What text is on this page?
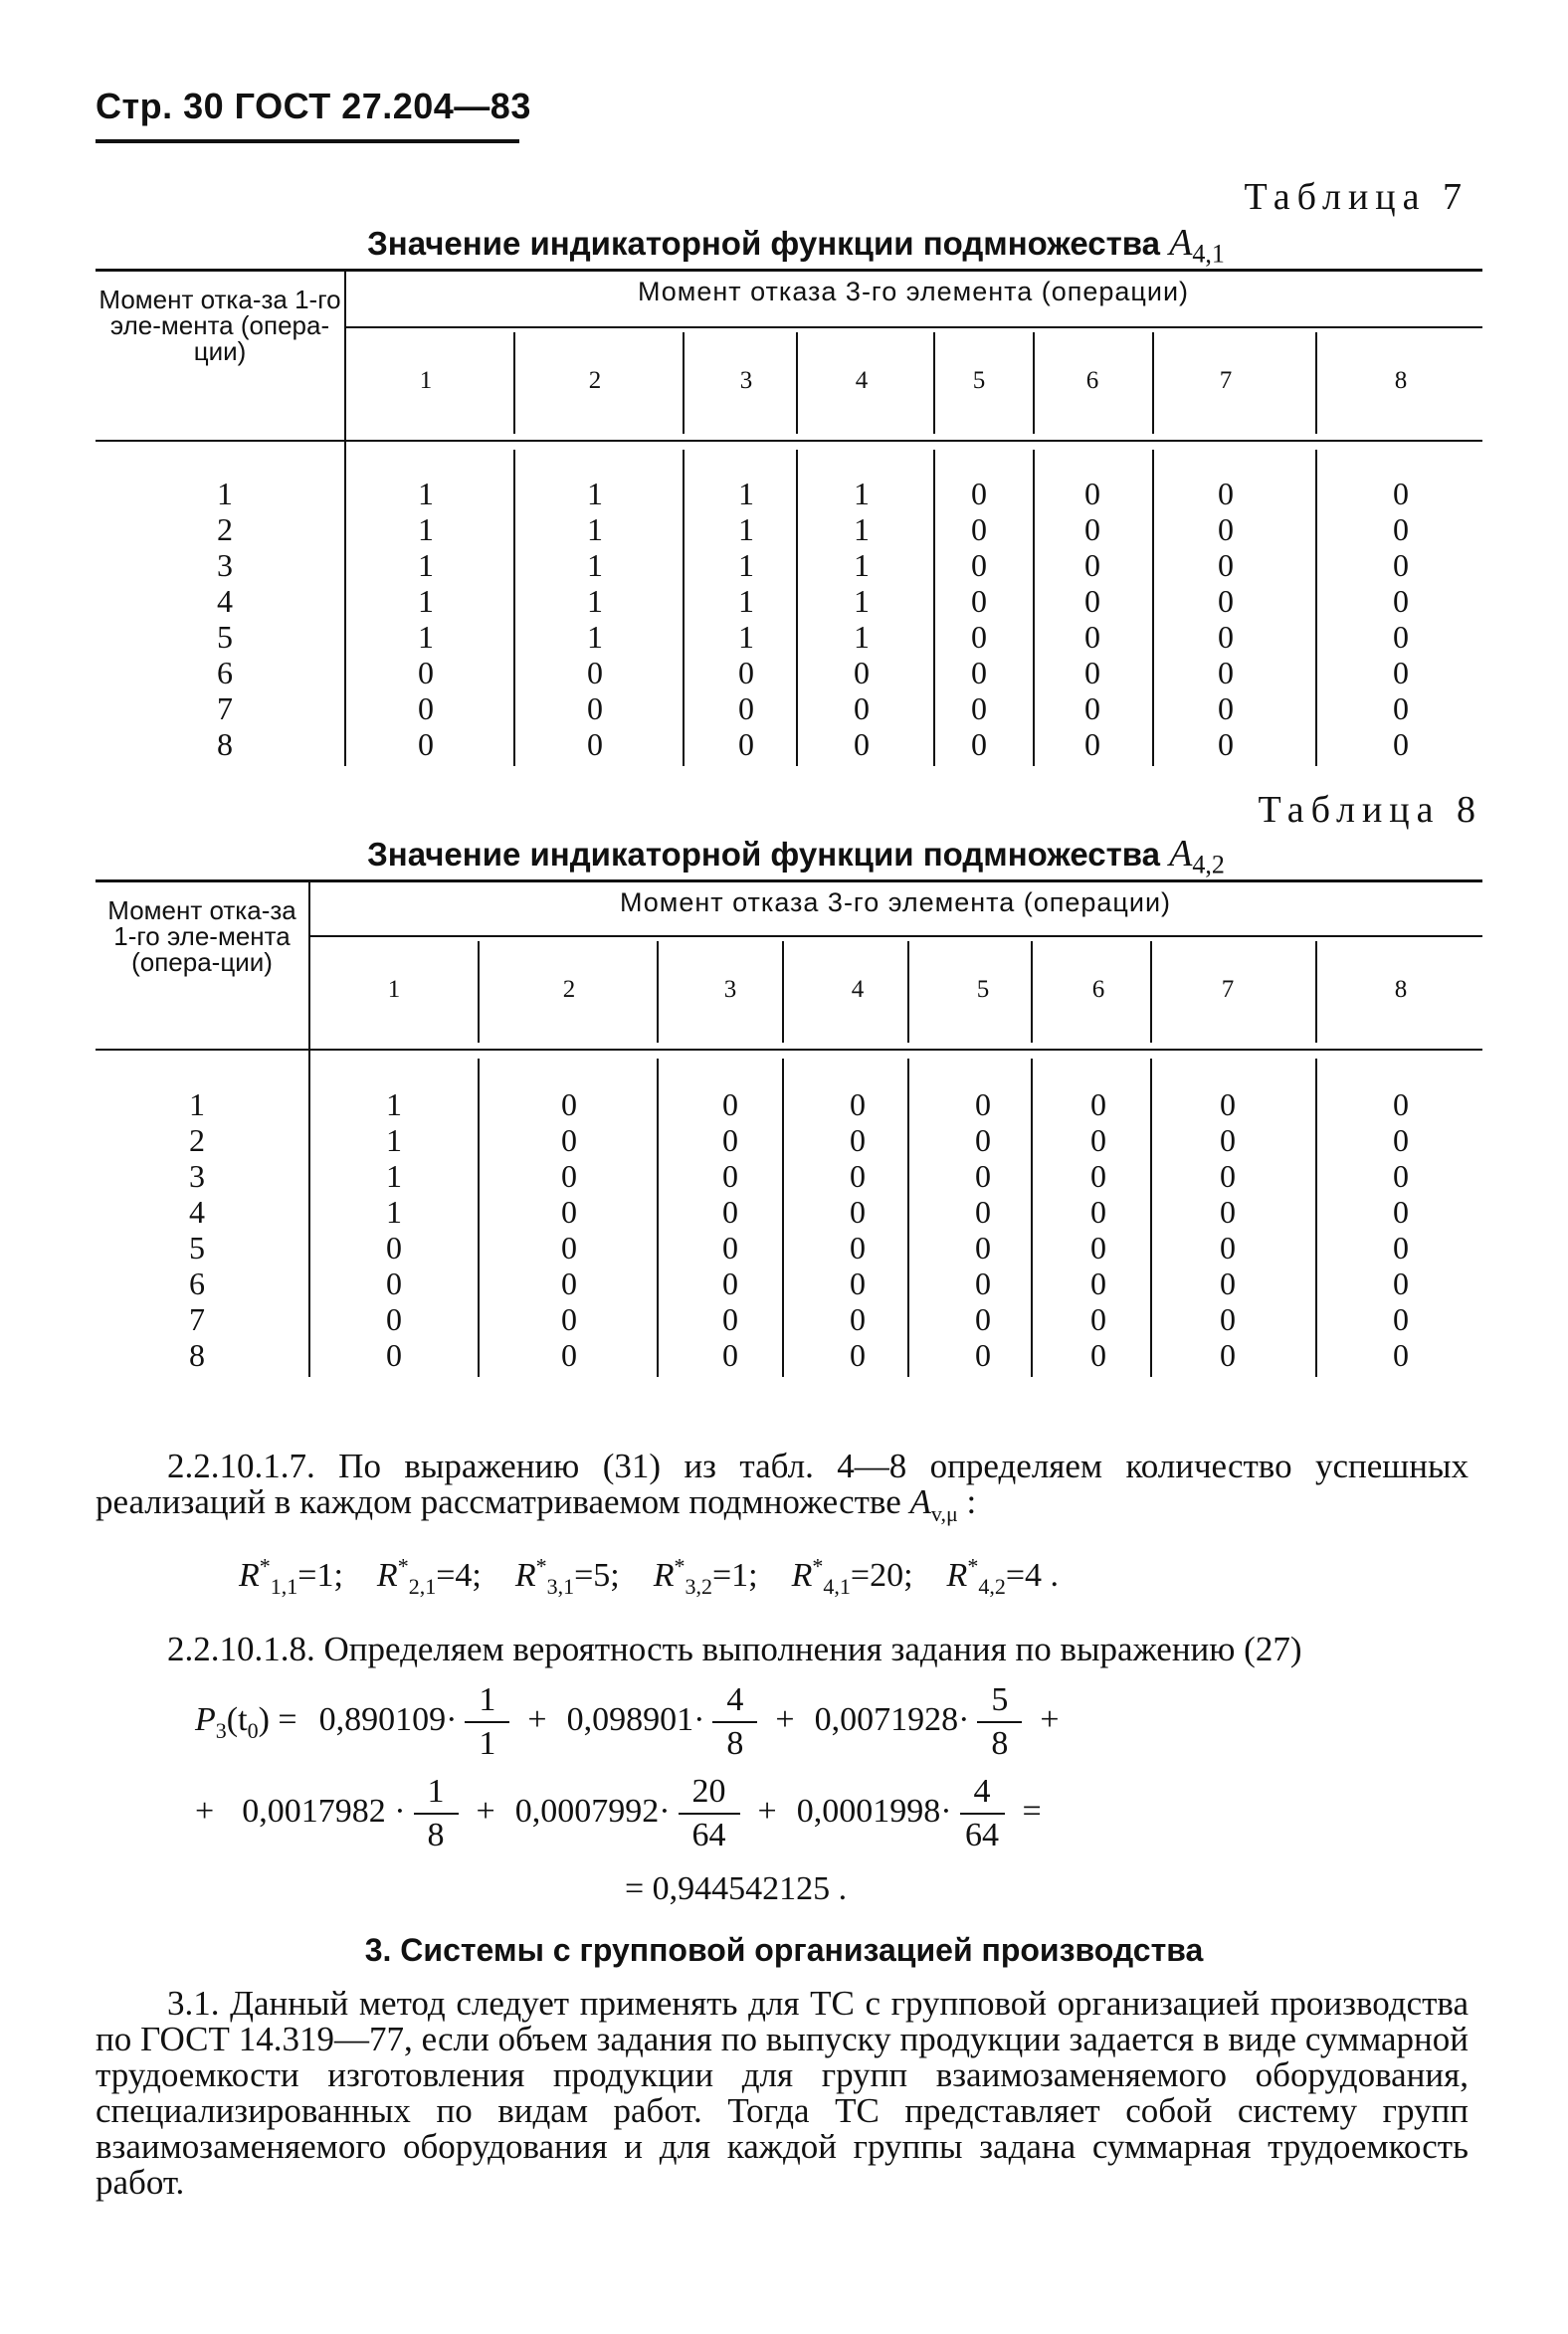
Стр. 30 ГОСТ 27.204—83
Таблица 7
Значение индикаторной функции подмножества $A_{4,1}$
Момент отка-за 1-го эле-мента (опера-ции)
Момент отказа 3-го элемента (операции)
1	2	3	4	5	6	7	8
1	1	1	1	1	0	0	0	0
2	1	1	1	1	0	0	0	0
3	1	1	1	1	0	0	0	0
4	1	1	1	1	0	0	0	0
5	1	1	1	1	0	0	0	0
6	0	0	0	0	0	0	0	0
7	0	0	0	0	0	0	0	0
8	0	0	0	0	0	0	0	0
Таблица 8
Значение индикаторной функции подмножества $A_{4,2}$
Момент отка-за 1-го эле-мента (опера-ции)
Момент отказа 3-го элемента (операции)
1	2	3	4	5	6	7	8
1	1	0	0	0	0	0	0	0
2	1	0	0	0	0	0	0	0
3	1	0	0	0	0	0	0	0
4	1	0	0	0	0	0	0	0
5	0	0	0	0	0	0	0	0
6	0	0	0	0	0	0	0	0
7	0	0	0	0	0	0	0	0
8	0	0	0	0	0	0	0	0
2.2.10.1.7. По выражению (31) из табл. 4—8 определяем количество успешных реализаций в каждом рассматриваемом подмножестве $A_{v,\mu}$ :
$R^*_{1,1}=1$; $R^*_{2,1}=4$; $R^*_{3,1}=5$; $R^*_{3,2}=1$; $R^*_{4,1}=20$; $R^*_{4,2}=4$ .
2.2.10.1.8. Определяем вероятность выполнения задания по выражению (27)
$P_3(t_0) = 0,890109\cdot \frac{1}{1} + 0,098901\cdot \frac{4}{8} + 0,0071928\cdot \frac{5}{8}$ +
+ $0,0017982 \cdot \frac{1}{8} + 0,0007992\cdot \frac{20}{64} + 0,0001998\cdot \frac{4}{64}$ =
= 0,944542125 .
3. Системы с групповой организацией производства
3.1. Данный метод следует применять для ТС с групповой организацией производства по ГОСТ 14.319—77, если объем задания по выпуску продукции задается в виде суммарной трудоемкости изготовления продукции для групп взаимозаменяемого оборудования, специализированных по видам работ. Тогда ТС представляет собой систему групп взаимозаменяемого оборудования и для каждой группы задана суммарная трудоемкость работ.
